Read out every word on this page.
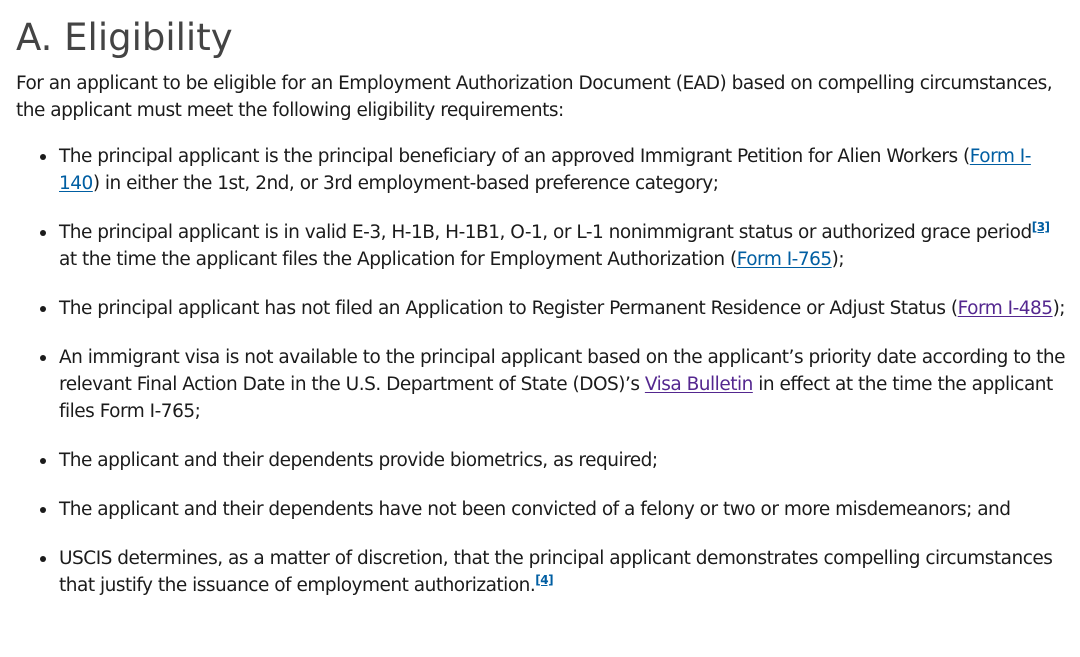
A. Eligibility

For an applicant to be eligible for an Employment Authorization Document (EAD) based on compelling circumstances, the applicant must meet the following eligibility requirements:

The principal applicant is the principal beneficiary of an approved Immigrant Petition for Alien Workers (Form I-140) in either the 1st, 2nd, or 3rd employment-based preference category;
The principal applicant is in valid E-3, H-1B, H-1B1, O-1, or L-1 nonimmigrant status or authorized grace period[3] at the time the applicant files the Application for Employment Authorization (Form I-765);
The principal applicant has not filed an Application to Register Permanent Residence or Adjust Status (Form I-485);
An immigrant visa is not available to the principal applicant based on the applicant’s priority date according to the relevant Final Action Date in the U.S. Department of State (DOS)’s Visa Bulletin in effect at the time the applicant files Form I-765;
The applicant and their dependents provide biometrics, as required;
The applicant and their dependents have not been convicted of a felony or two or more misdemeanors; and
USCIS determines, as a matter of discretion, that the principal applicant demonstrates compelling circumstances that justify the issuance of employment authorization.[4]
